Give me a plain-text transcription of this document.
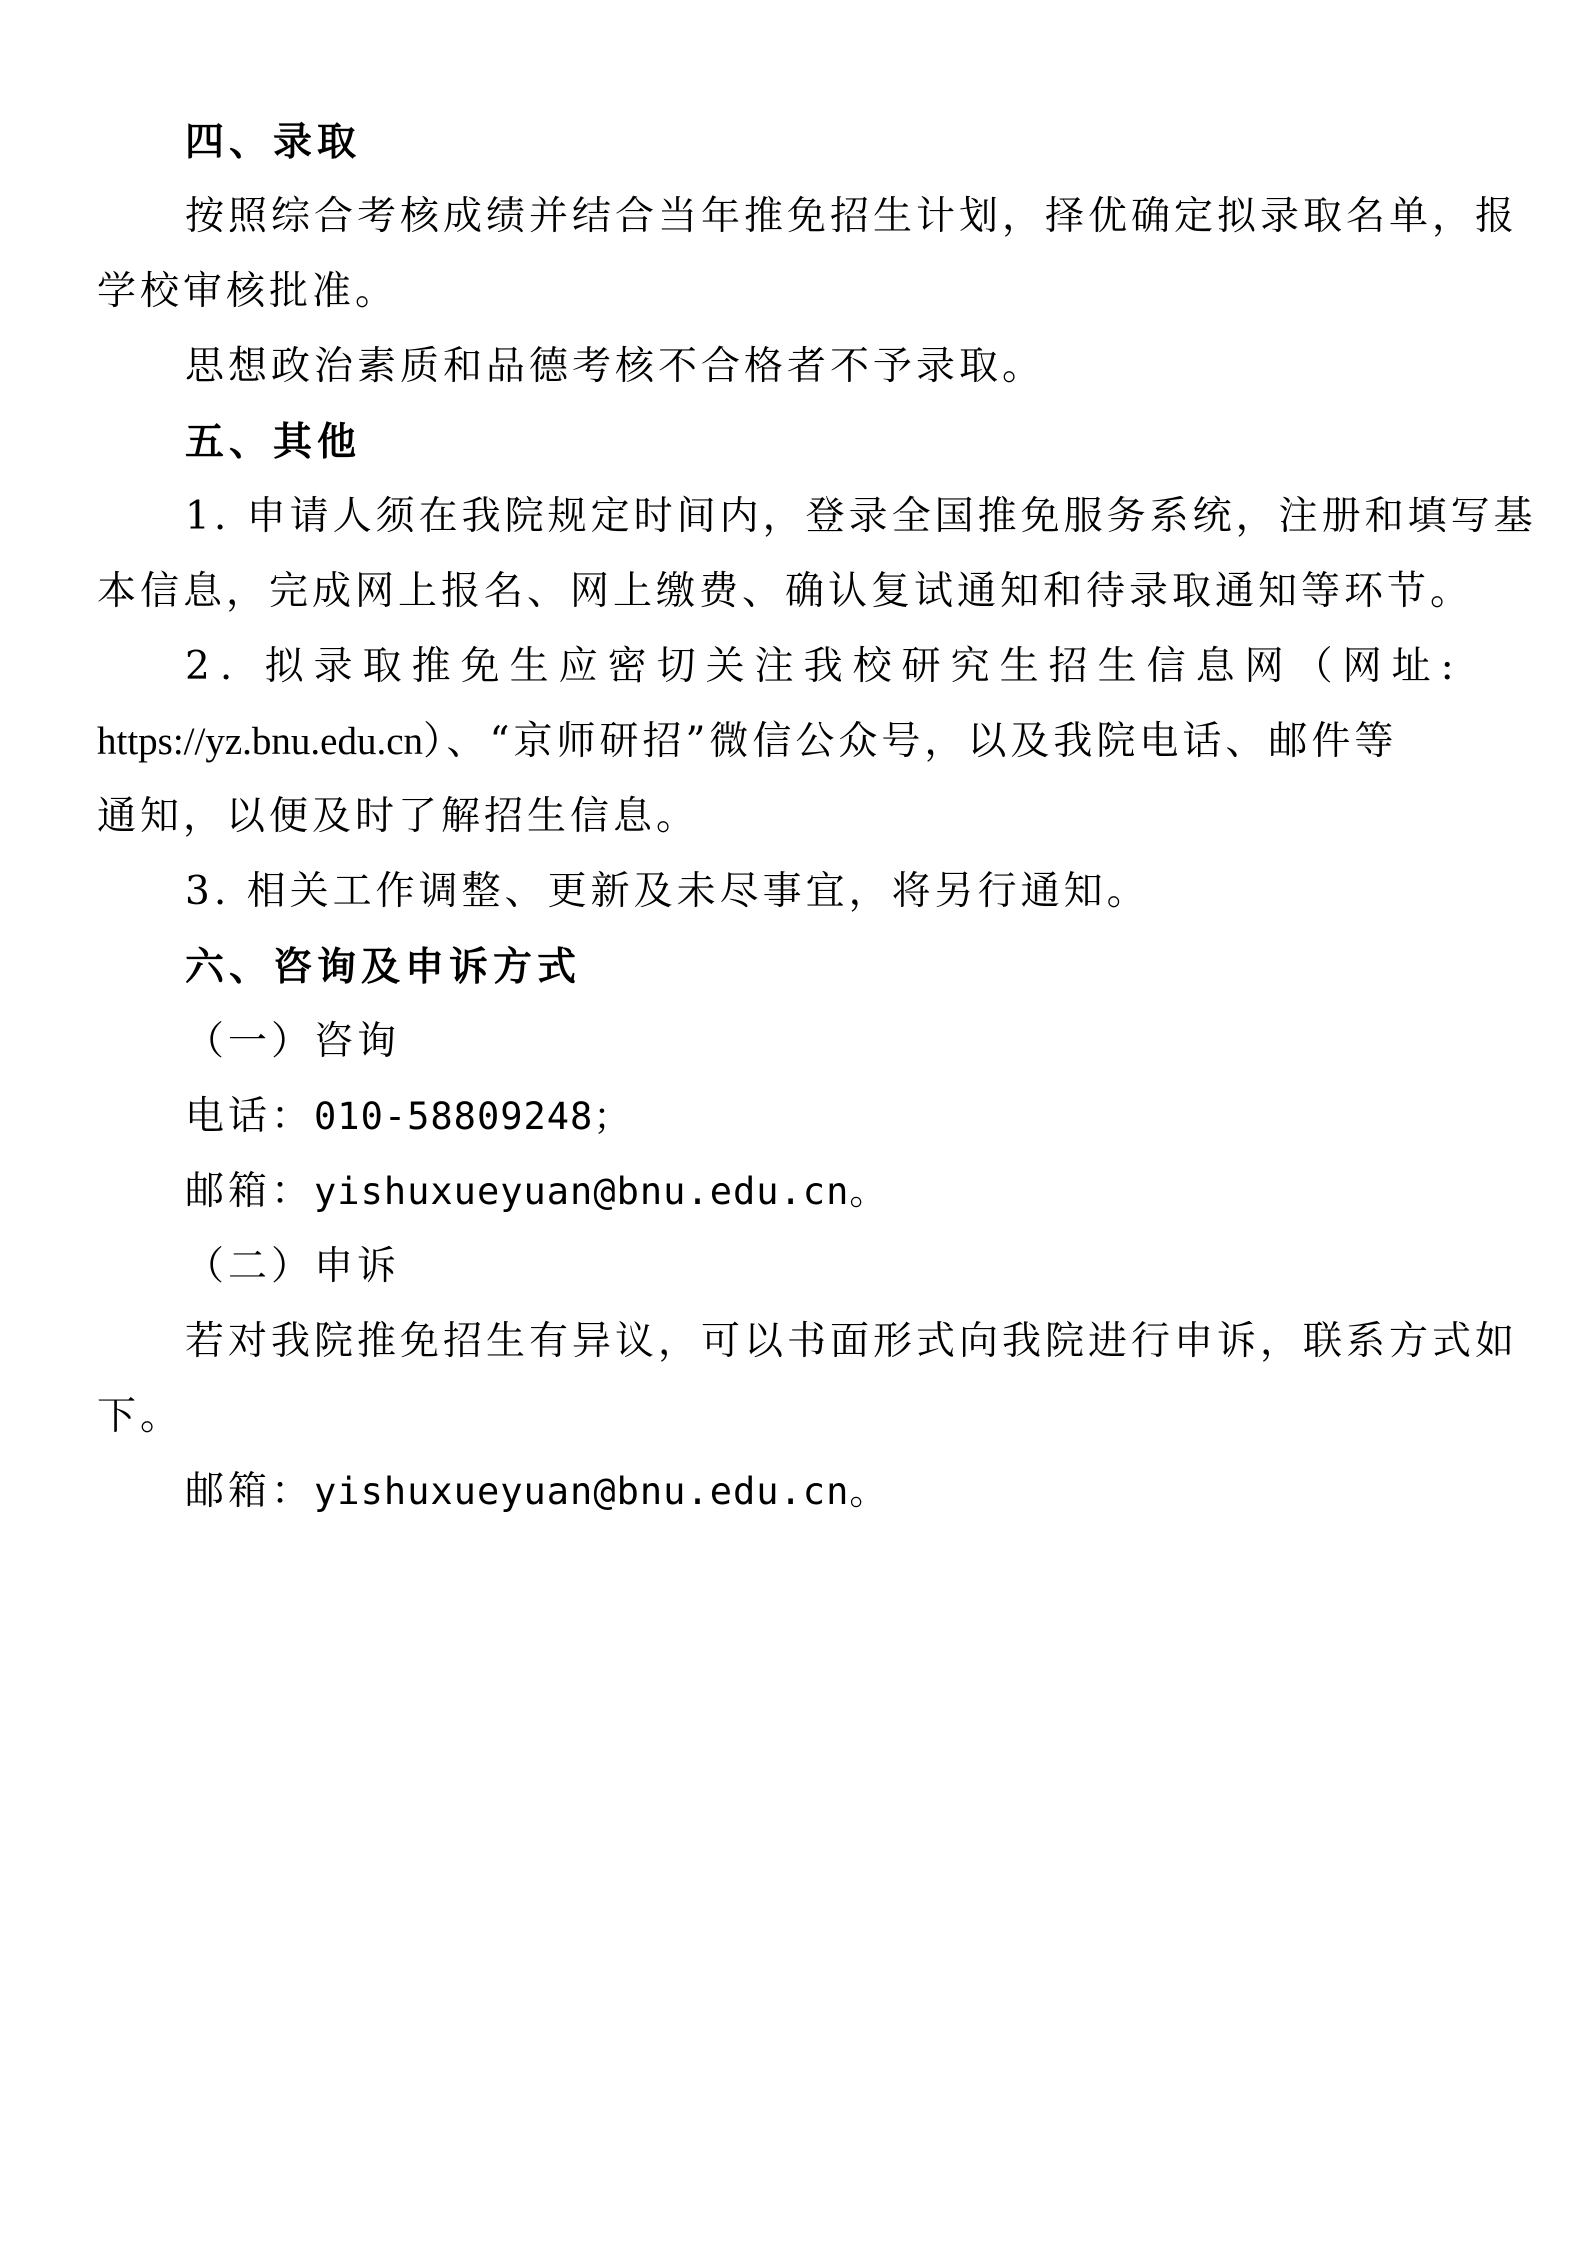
四、录取
按照综合考核成绩并结合当年推免招生计划，择优确定拟录取名单，报
学校审核批准。
思想政治素质和品德考核不合格者不予录取。
五、其他
1. 申请人须在我院规定时间内，登录全国推免服务系统，注册和填写基
本信息，完成网上报名、网上缴费、确认复试通知和待录取通知等环节。
2. 拟录取推免生应密切关注我校研究生招生信息网（网址:
https://yz.bnu.edu.cn）、“京师研招”微信公众号，以及我院电话、邮件等
通知，以便及时了解招生信息。
3. 相关工作调整、更新及未尽事宜，将另行通知。
六、咨询及申诉方式
（一）咨询
电话：010-58809248；
邮箱：yishuxueyuan@bnu.edu.cn。
（二）申诉
若对我院推免招生有异议，可以书面形式向我院进行申诉，联系方式如
下。
邮箱：yishuxueyuan@bnu.edu.cn。
